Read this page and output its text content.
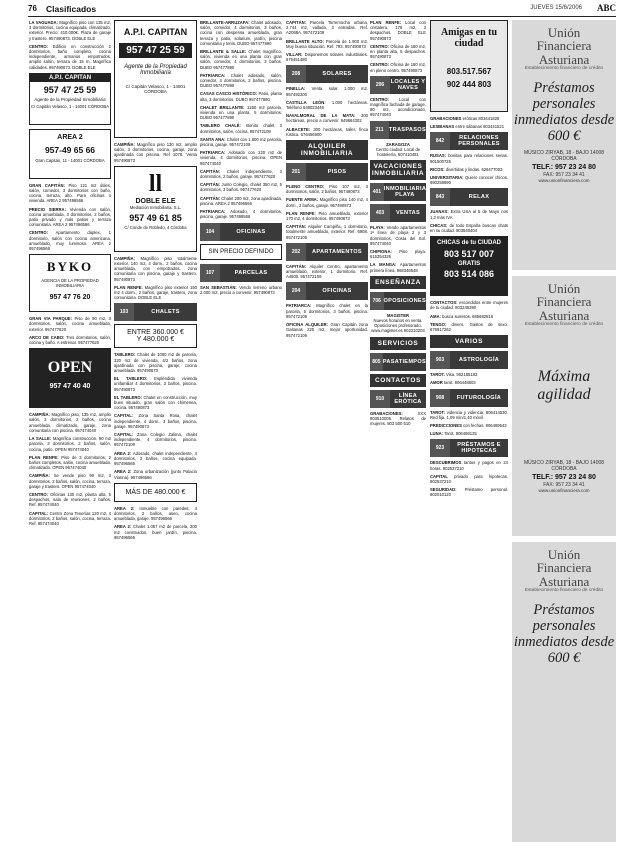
76 Clasificados	JUEVES 15/6/2006 ABC

LA VAGUADA: Magnífico piso con 135 m2, 3 dormitorios, cocina equipada, climatizado, exterior. Precio: 410.000€. Plaza de garaje y trastero. 957490873. DOBLE ELE

CENTRO: Edificio en construcción 2 dormitorios, baño completo, cocina independiente, armarios empotrados, amplio salón, terraza de 15 m. Magnífica calidades. 957490873. DOBLE ELE

A.P.I. CAPITAN
957 47 25 59
Agente de la Propiedad Inmobiliaria
C/ Capitán Velasco, 1 - 14001 CÓRDOBA
AREA 2
957-49 65 66
Gran Capitán, 11 - 14001 CÓRDOBA

GRAN CAPITÁN: Piso 121 m2 útiles, salón, comedor, 3 dormitorios con baño, cocina, terraza, alto. Para oficinas o vivienda. AREA 2 957496566

PRECIO SIERRA: Vivienda con salón, cocina amueblada, 3 dormitorios, 2 baños, patio privado y más patios y terraza comunitaria. AREA 2 957496566

CENTRO: Apartamento dúplex, 1 dormitorio, salón con cocina americana, amueblado, muy luminoso. AREA 2 957496566

BYKO
AGENCIA DE LA PROPIEDAD INMOBILIARIA
957 47 76 20

GRAN VIA PARQUE: Piso de 90 m2, 3 dormitorios, salón, cocina amueblada, exterior. 957477620

ARCO DE CABO: Tres dormitorios, salón, cocina y baño. A estrenar. 957477620

OPEN
957 47 40 40

CAMPIÑA: Magnífico piso, 135 m2, amplio salón, 3 dormitorios, 2 baños, cocina amueblada, climatizado, garaje, zona comunitaria con piscina. 957474040

LA SALLE: Magnífica construcción. 90 m2 parcela, 3 dormitorios, 2 baños, salón, cocina, patio. OPEN 957474040

PLAN RENFE: Piso de 3 dormitorios, 2 baños completos, salón, cocina amueblada, climatizado. OPEN 957474040

CAMPIÑA: Se vende piso 90 m2, 3 dormitorios, 2 baños, salón, cocina, terraza, garaje y trastero. OPEN 957474040

CENTRO: Oficinas 130 m2, planta alta, 5 despachos, sala de reuniones, 2 baños. Ref. 957474040

CAPITAL: Centro Zona Tenerías 120 m2, 4 dormitorios, 2 baños, salón, cocina, terraza. Ref. 957474040

A.P.I. CAPITAN
957 47 25 59
Agente de la Propiedad Inmobiliaria
C/ Capitán Velasco, 1 - 14001 CÓRDOBA

CAMPIÑA: Magnífico piso 130 m2, amplio salón, 3 dormitorios, cocina, garaje, zona ajardinada con piscina. Ref 1078. Venta 957490873

ll
DOBLE ELE
Mediación Inmobiliaria, S.L.
957 49 61 85
C/ Conde de Robledo, 4 Córdoba

CAMPIÑA: Magnífico piso totalmente exterior, 140 m2, 4 dorm., 2 baños, cocina amueblada, con empotrados, zona comunitaria con piscina, garaje y trastero. 957490873

PLAN RENFE: Magnífico piso exterior 150 m2 4 dorm., 2 baños, garaje, trastero, zona comunitaria. DOBLE ELE

103	CHALETS
ENTRE 360.000 €
Y 480.000 €

TABLERO: Chalet de 1000 m2 de parcela, 320 m2 de vivienda, 4/2 baños, zona ajardinada con piscina, garaje, cocina amueblada. 957490873

EL TABLERO: Espléndida vivienda unifamiliar 4 dormitorios, 3 baños, piscina. 957490873

EL TABLERO: Chalet en construcción, muy buen situado, gran salón con chimenea, cocina. 957490873

CAPITAL: Zona Santa Rosa, chalet independiente, 4 dorm., 3 baños, piscina, garaje. 957490873

CAPITAL: Zona Colegio Zalima, chalet independiente, 4 dormitorios, piscina. 957472109

AREA 2: Adosado, chalet independiente, 4 dormitorios, 3 baños, cocina equipada. 957496566

AREA 2: Zona urbanización (junto Palacio Vianna). 957496566

MÁS DE 480.000 €

AREA 2: Inmueble con paredes, 4 dormitorios, 2 baños, aseo, cocina amueblada, garaje. 957496566

AREA 2: Chalet 1.057 m2 de parcela, 200 m2 construidos, buen jardín, piscina. 957496566

BRILLANTE-ARRUZAFA: Chalet adosado, salón, comedor, 4 dormitorios, 3 baños, cocina con despensa amueblada, gran terraza y patio, solarium, jardín, piscina comunitaria y tenis. DUBO 957477890

BRILLANTE & SALLE: Chalet magnífico, salón, vivienda en una planta con gran salón, comedor, 4 dormitorios, 3 baños. DUBO 957477890

PATRIARCA: Chalet adosado, salón, comedor, 4 dormitorios, 2 baños, piscina. DUBO 957477890

CASAS CASCO HISTÓRICO: Patio, planta alta, 3 dormitorios. DUBO 957477890

CHALET BRILLANTE: 1250 m2 parcela, vivienda en una planta, 5 dormitorios. DUBO 957477890

TABLERO CHALÉ: Bonito chalet 3 dormitorios, salón, cocina. 957472109

SANTA ANA: Chalet con 1.800 m2 parcela, piscina, garaje. 957472109

PATRIARCA: Adosado con 220 m2 de vivienda, 4 dormitorios, piscina. OPEN 957474040

CAPITÁN: Chalet independiente, 3 dormitorios, 2 baños, garaje. 957477620

CAPITÁN: Junto Colegio, chalet 350 m2, 5 dormitorios, 3 baños. 957477620

CAPITÁN: Chalet 200 m2, zona ajardinada, piscina. AREA 2 957496566

PATRIARCA: Adosado, 4 dormitorios, piscina, garaje. 957496566

104	OFICINAS
SIN PRECIO DEFINIDO
107	PARCELAS

SAN SEBASTIÁN: Vendo terreno urbano 2.000 m2, precio a convenir. 957490873

CAPITÁN: Parcela Torremocha urbana, 2.744 m2, vallada, 3 entradas. Ref. A2068A. 957472109

BRILLANTE ALTO: Parcela de 1.900 m2. Muy buena situación. Ref. 793. 957490873

VILLAR: Disponemos solares industriales. 676451480

208	SOLARES

PINELLA: Venta solar 1.000 m2. 957492200

CASTILLA LEÓN: 1.000 hectáreas. Teléfono 649023446

NAVALMORAL DE LA MATA: 300 hectáreas, precio a convenir. 649664302

ALBACETE: 300 hectáreas, taller, finca rústica. 676456900

ALQUILER INMOBILIARIA
201	PISOS

PLENO CENTRO: Piso 107 m2, 3 dormitorios, salón, 2 baños, 957490873

FUENTE ARMA: Magnífico piso 140 m2, 4 dorm., 2 baños, garaje. 957490873

PLAN RENFE: Piso amueblado, exterior 170 m2, 4 dormitorios. 957490873

CAPITÁN: Alquiler Campiña, 1 dormitorio, totalmente amueblado, exterior. Ref. 6908. 957472109

202	APARTAMENTOS

CAPITÁN: Alquiler Centro, apartamento amueblado, exterior, 1 dormitorio. Ref. A4600. 957472109

204	OFICINAS

PATRIARCA: Magnífico chalet en la parcela, 5 dormitorios, 3 baños, piscina. 957472109

OFICINA ALQUILER: Gran Capitán zona Gaitanas 220 m2, mejor oportunidad. 957472109

PLAN RENFE: Local con cristalera, 178 m2, 3 despachos. DOBLE ELE 957490873

CENTRO: Oficina de 180 m2, en planta alta, 5 despachos. 957490873

CENTRO: Oficina de 180 m2, en pleno centro. 957490873

206	LOCALES Y NAVES

CENTRO: Local con magnífica fachada de garage, 80 m2, acondicionado, 957474040

211 TRASPASOS

ZARAGOZA
Centro ciudad. Local de hostelería, 607410481

VACACIONES INMOBILIARIA
401 INMOBILIARIA PLAYA
403	VENTAS

PLAYA: Vendo apartamentos 1ª línea de playa 2 y 3 dormitorios, Costa del Sol. 957474040

CHIPIONA: Piso playa. 615354326

LA MANGA: Apartamentos primera línea. 968346548

ENSEÑANZA
706 OPOSICIONES

MAGISTER
Nuevos horarios en venta. Oposiciones profesorado. www.magister.es 902210203

SERVICIOS
805 PASATIEMPOS
CONTACTOS
910	LÍNEA ERÓTICA

GRABACIONES:	XXX 803510005. Relatos de mujeres. 803 500 510

Amigas en tu ciudad
803.517.567
902 444 803

GRABACIONES eróticas 803441826

LESBIANAS entre sábanas 803441521

842	RELACIONES PERSONALES

RUSAS: bonitas para relaciones serias. 901500725

RICOS: divertidas y lindas. 626477003

UNIVERSITARIA: Quiero conocer chicos. 690259690

843	RELAX

JUANAS: Extra USA al 5 de Mayo nos 1,2 más IVA

CHICAS: de todo España buscan chats en su ciudad. 803540404

CHICAS de tu CIUDAD
803 517 007
GRATIS
803 514 086

CONTACTOS: escondidos entre mujeres de tu ciudad. 803245390

AMA: busca sumisos. 685682816

TENGO: dinero. Gastos de sexo. 676917262

VARIOS
903	ASTROLOGÍA

TAROT. Visa. 902185183

AMOR tarot. 806448803

908	FUTUROLOGÍA

TAROT: videncia y videncia. 806414530. Red fija. 1,09 min/1,40 móvil

PREDICCIONES con fechas. 806469543

LUNA: Tarot. 806469125

923	PRÉSTAMOS E HIPOTECAS

DESCUBRIMOS tantos y pagos en 24 horas. 902537210

CAPITAL privado para hipotecas. 902537210

SEGURIDAD: Préstamo personal. 902010120

Unión
Financiera
Asturiana
Establecimiento financiero de crédito
Préstamos personales inmediatos desde 600 €
MÚSICO ZIRYAB, 18 - BAJO 14008 CÓRDOBA
TELF.: 957 23 24 80
FAX: 957 23 34 41
www.unionfinanciera.com
Unión
Financiera
Asturiana
Establecimiento financiero de crédito
Máxima agilidad
MÚSICO ZIRYAB, 18 - BAJO 14008 CÓRDOBA
TELF.: 957 23 24 80
FAX: 957 23 34 41
www.unionfinanciera.com
Unión
Financiera
Asturiana
Establecimiento financiero de crédito
Préstamos personales inmediatos desde 600 €
